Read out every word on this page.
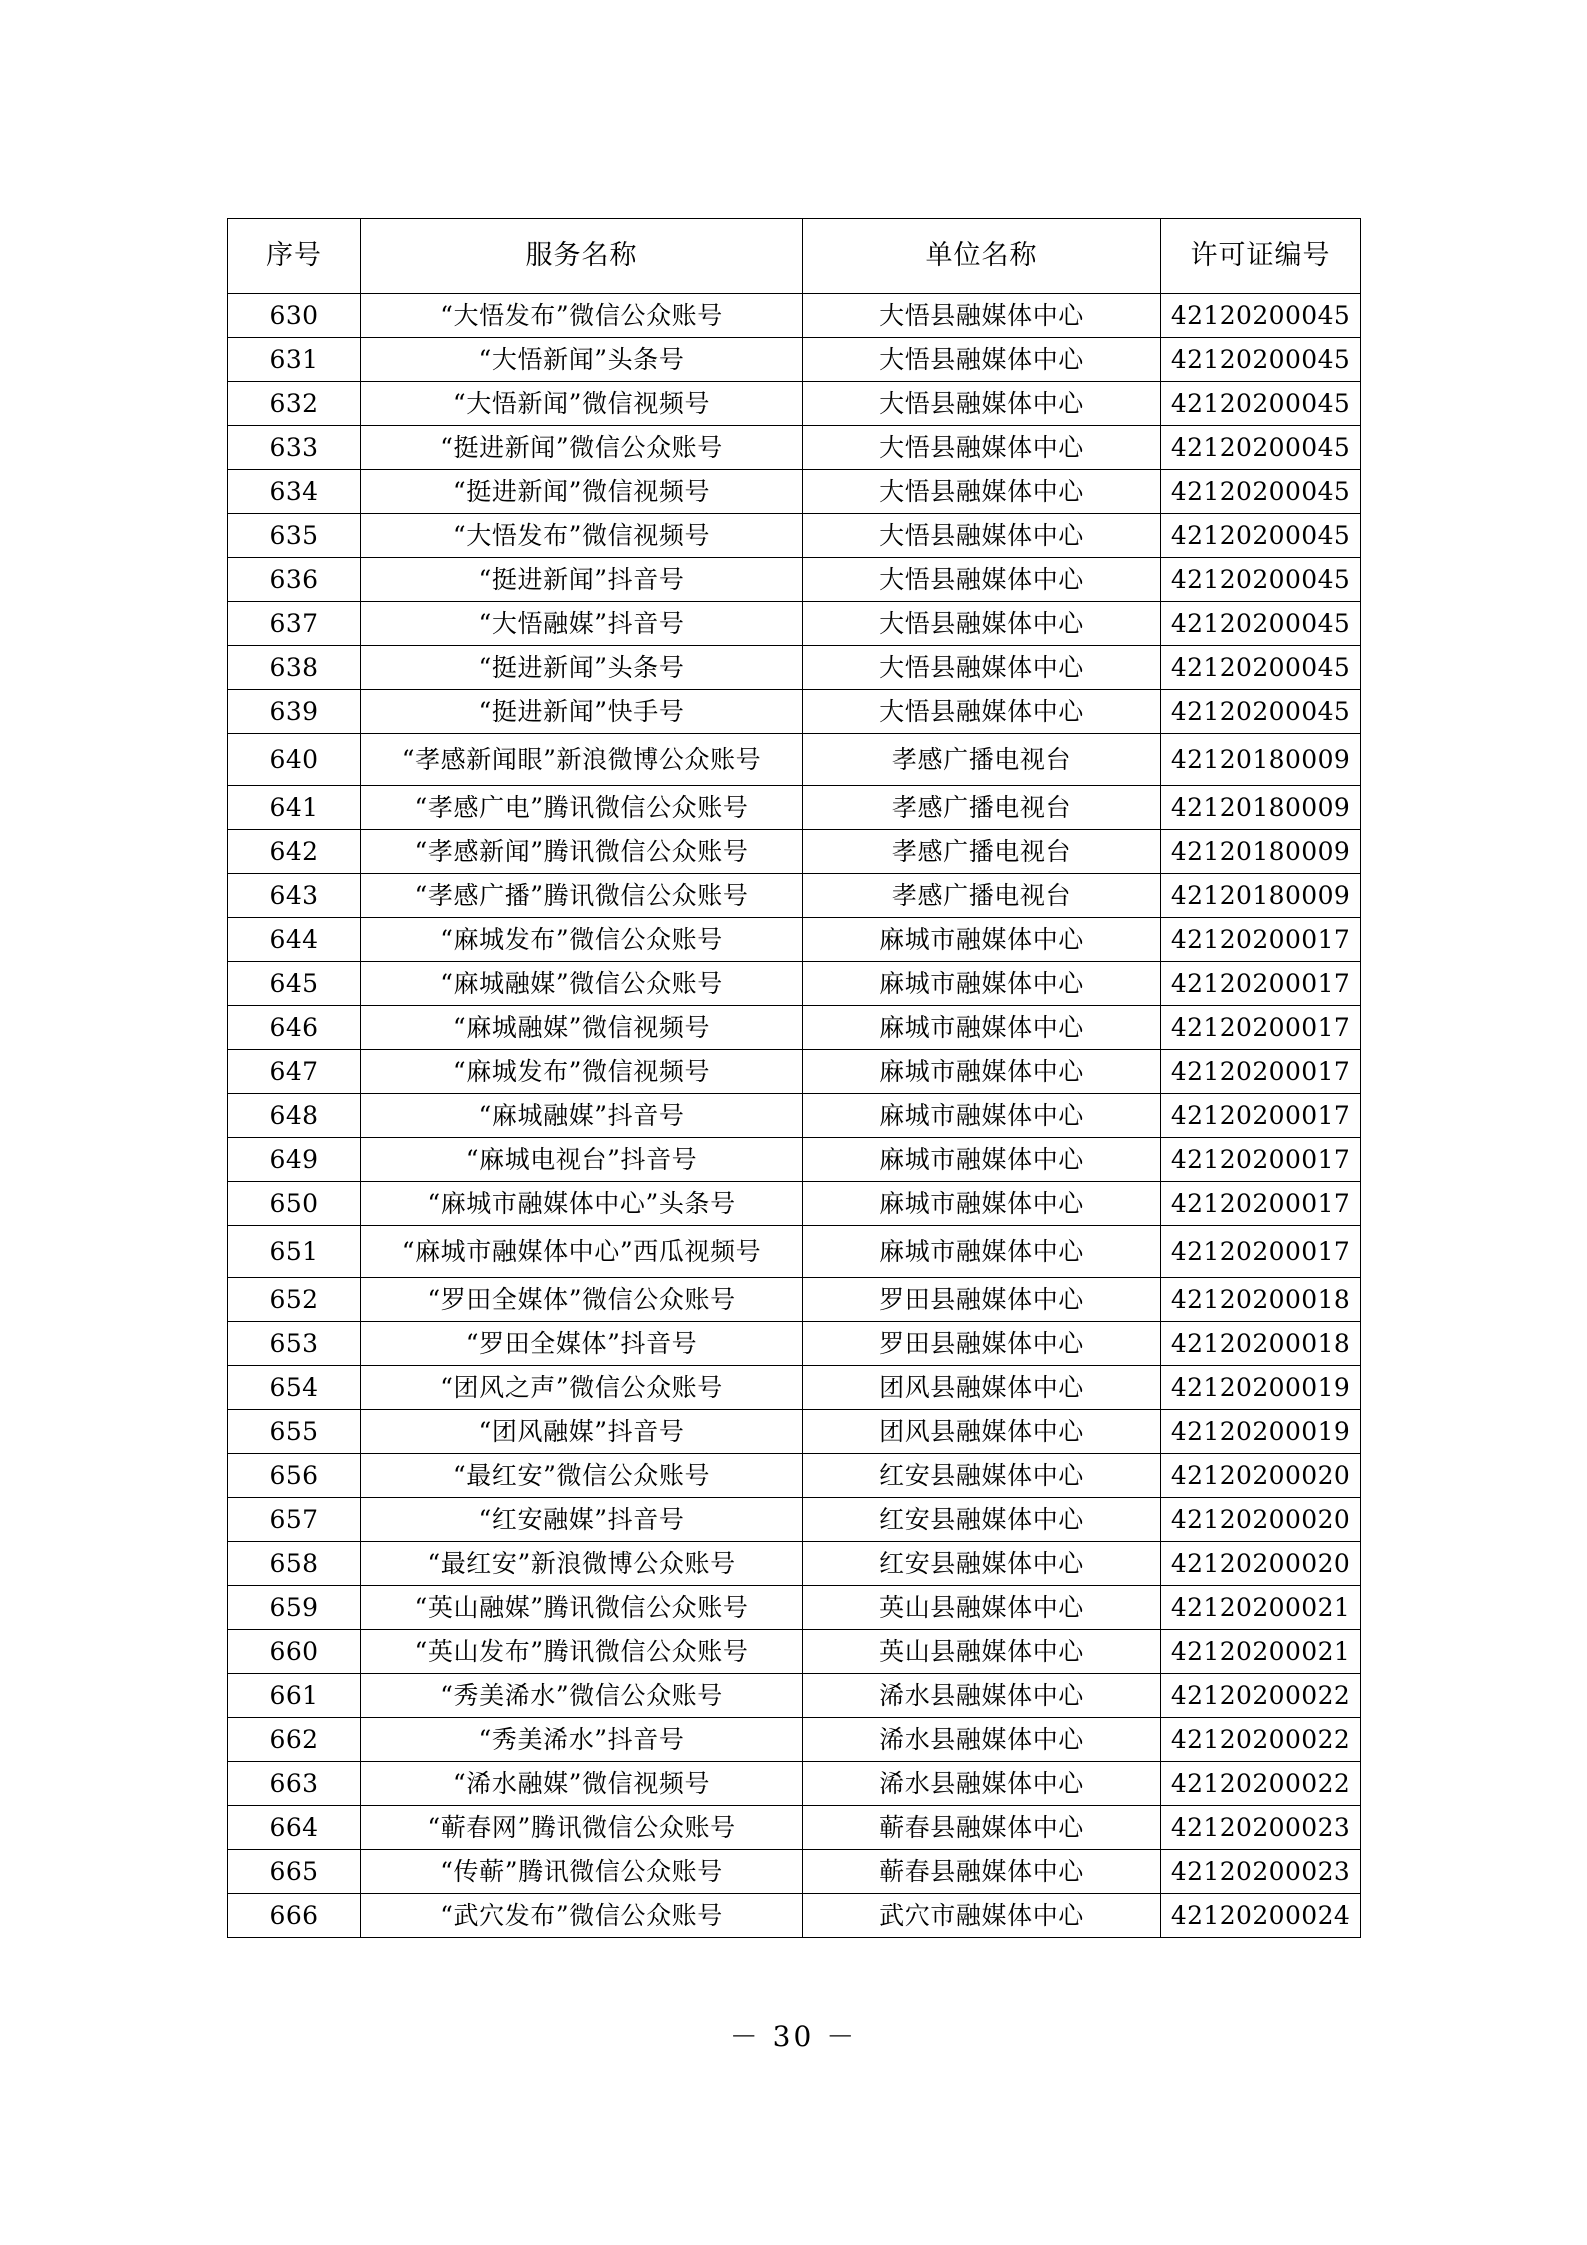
序号	服务名称	单位名称	许可证编号
630	“大悟发布”微信公众账号	大悟县融媒体中心	42120200045
631	“大悟新闻”头条号	大悟县融媒体中心	42120200045
632	“大悟新闻”微信视频号	大悟县融媒体中心	42120200045
633	“挺进新闻”微信公众账号	大悟县融媒体中心	42120200045
634	“挺进新闻”微信视频号	大悟县融媒体中心	42120200045
635	“大悟发布”微信视频号	大悟县融媒体中心	42120200045
636	“挺进新闻”抖音号	大悟县融媒体中心	42120200045
637	“大悟融媒”抖音号	大悟县融媒体中心	42120200045
638	“挺进新闻”头条号	大悟县融媒体中心	42120200045
639	“挺进新闻”快手号	大悟县融媒体中心	42120200045
640	“孝感新闻眼”新浪微博公众账号	孝感广播电视台	42120180009
641	“孝感广电”腾讯微信公众账号	孝感广播电视台	42120180009
642	“孝感新闻”腾讯微信公众账号	孝感广播电视台	42120180009
643	“孝感广播”腾讯微信公众账号	孝感广播电视台	42120180009
644	“麻城发布”微信公众账号	麻城市融媒体中心	42120200017
645	“麻城融媒”微信公众账号	麻城市融媒体中心	42120200017
646	“麻城融媒”微信视频号	麻城市融媒体中心	42120200017
647	“麻城发布”微信视频号	麻城市融媒体中心	42120200017
648	“麻城融媒”抖音号	麻城市融媒体中心	42120200017
649	“麻城电视台”抖音号	麻城市融媒体中心	42120200017
650	“麻城市融媒体中心”头条号	麻城市融媒体中心	42120200017
651	“麻城市融媒体中心”西瓜视频号	麻城市融媒体中心	42120200017
652	“罗田全媒体”微信公众账号	罗田县融媒体中心	42120200018
653	“罗田全媒体”抖音号	罗田县融媒体中心	42120200018
654	“团风之声”微信公众账号	团风县融媒体中心	42120200019
655	“团风融媒”抖音号	团风县融媒体中心	42120200019
656	“最红安”微信公众账号	红安县融媒体中心	42120200020
657	“红安融媒”抖音号	红安县融媒体中心	42120200020
658	“最红安”新浪微博公众账号	红安县融媒体中心	42120200020
659	“英山融媒”腾讯微信公众账号	英山县融媒体中心	42120200021
660	“英山发布”腾讯微信公众账号	英山县融媒体中心	42120200021
661	“秀美浠水”微信公众账号	浠水县融媒体中心	42120200022
662	“秀美浠水”抖音号	浠水县融媒体中心	42120200022
663	“浠水融媒”微信视频号	浠水县融媒体中心	42120200022
664	“蕲春网”腾讯微信公众账号	蕲春县融媒体中心	42120200023
665	“传蕲”腾讯微信公众账号	蕲春县融媒体中心	42120200023
666	“武穴发布”微信公众账号	武穴市融媒体中心	42120200024
－ 30 －
